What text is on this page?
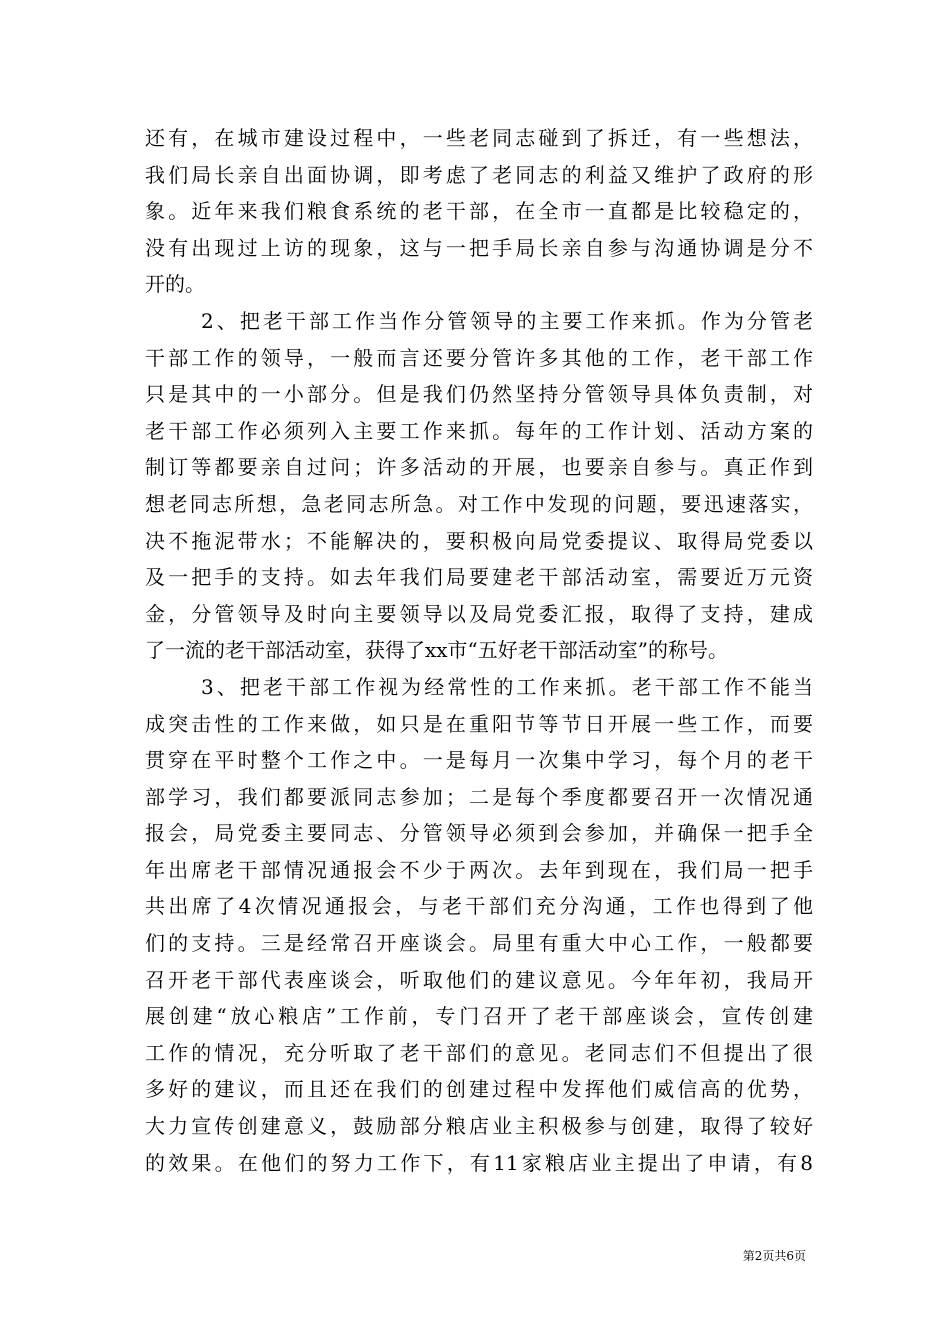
还有，在城市建设过程中，一些老同志碰到了拆迁，有一些想法，
我们局长亲自出面协调，即考虑了老同志的利益又维护了政府的形
象。近年来我们粮食系统的老干部，在全市一直都是比较稳定的，
没有出现过上访的现象，这与一把手局长亲自参与沟通协调是分不
开的。
2、把老干部工作当作分管领导的主要工作来抓。作为分管老
干部工作的领导，一般而言还要分管许多其他的工作，老干部工作
只是其中的一小部分。但是我们仍然坚持分管领导具体负责制，对
老干部工作必须列入主要工作来抓。每年的工作计划、活动方案的
制订等都要亲自过问；许多活动的开展，也要亲自参与。真正作到
想老同志所想，急老同志所急。对工作中发现的问题，要迅速落实，
决不拖泥带水；不能解决的，要积极向局党委提议、取得局党委以
及一把手的支持。如去年我们局要建老干部活动室，需要近万元资
金，分管领导及时向主要领导以及局党委汇报，取得了支持，建成
了一流的老干部活动室，获得了xx市“五好老干部活动室”的称号。
3、把老干部工作视为经常性的工作来抓。老干部工作不能当
成突击性的工作来做，如只是在重阳节等节日开展一些工作，而要
贯穿在平时整个工作之中。一是每月一次集中学习，每个月的老干
部学习，我们都要派同志参加；二是每个季度都要召开一次情况通
报会，局党委主要同志、分管领导必须到会参加，并确保一把手全
年出席老干部情况通报会不少于两次。去年到现在，我们局一把手
共出席了4次情况通报会，与老干部们充分沟通，工作也得到了他
们的支持。三是经常召开座谈会。局里有重大中心工作，一般都要
召开老干部代表座谈会，听取他们的建议意见。今年年初，我局开
展创建“放心粮店”工作前，专门召开了老干部座谈会，宣传创建
工作的情况，充分听取了老干部们的意见。老同志们不但提出了很
多好的建议，而且还在我们的创建过程中发挥他们威信高的优势，
大力宣传创建意义，鼓励部分粮店业主积极参与创建，取得了较好
的效果。在他们的努力工作下，有11家粮店业主提出了申请，有8
第2页共6页
